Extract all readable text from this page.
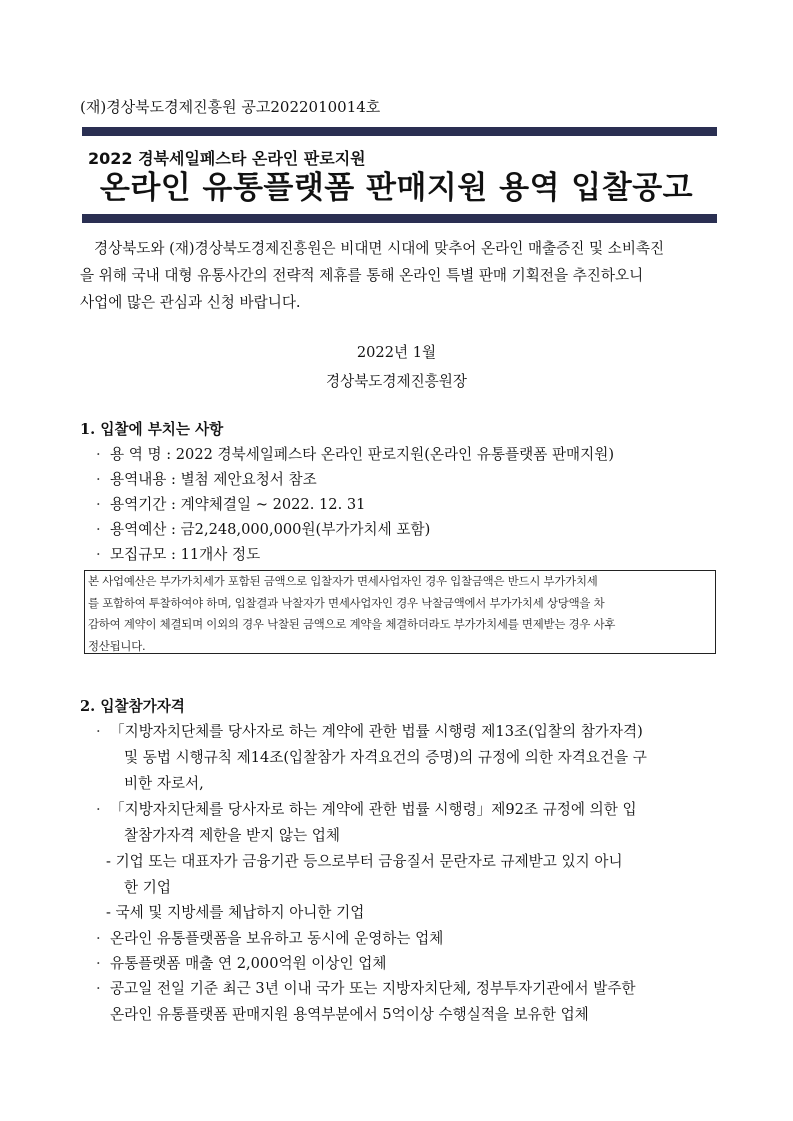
(재)경상북도경제진흥원 공고2022010014호
2022 경북세일페스타 온라인 판로지원
온라인 유통플랫폼 판매지원 용역 입찰공고
경상북도와 (재)경상북도경제진흥원은 비대면 시대에 맞추어 온라인 매출증진 및 소비촉진
을 위해 국내 대형 유통사간의 전략적 제휴를 통해 온라인 특별 판매 기획전을 추진하오니
사업에 많은 관심과 신청 바랍니다.
2022년 1월
경상북도경제진흥원장
1. 입찰에 부치는 사항
· 용 역 명 : 2022 경북세일페스타 온라인 판로지원(온라인 유통플랫폼 판매지원)
· 용역내용 : 별첨 제안요청서 참조
· 용역기간 : 계약체결일 ~ 2022. 12. 31
· 용역예산 : 금2,248,000,000원(부가가치세 포함)
· 모집규모 : 11개사 정도
본 사업예산은 부가가치세가 포함된 금액으로 입찰자가 면세사업자인 경우 입찰금액은 반드시 부가가치세
를 포함하여 투찰하여야 하며, 입찰결과 낙찰자가 면세사업자인 경우 낙찰금액에서 부가가치세 상당액을 차
감하여 계약이 체결되며 이외의 경우 낙찰된 금액으로 계약을 체결하더라도 부가가치세를 면제받는 경우 사후
정산됩니다.
2. 입찰참가자격
· 「지방자치단체를 당사자로 하는 계약에 관한 법률 시행령 제13조(입찰의 참가자격)
및 동법 시행규칙 제14조(입찰참가 자격요건의 증명)의 규정에 의한 자격요건을 구
비한 자로서,
· 「지방자치단체를 당사자로 하는 계약에 관한 법률 시행령」제92조 규정에 의한 입
찰참가자격 제한을 받지 않는 업체
- 기업 또는 대표자가 금융기관 등으로부터 금융질서 문란자로 규제받고 있지 아니
한 기업
- 국세 및 지방세를 체납하지 아니한 기업
· 온라인 유통플랫폼을 보유하고 동시에 운영하는 업체
· 유통플랫폼 매출 연 2,000억원 이상인 업체
· 공고일 전일 기준 최근 3년 이내 국가 또는 지방자치단체, 정부투자기관에서 발주한
온라인 유통플랫폼 판매지원 용역부분에서 5억이상 수행실적을 보유한 업체
